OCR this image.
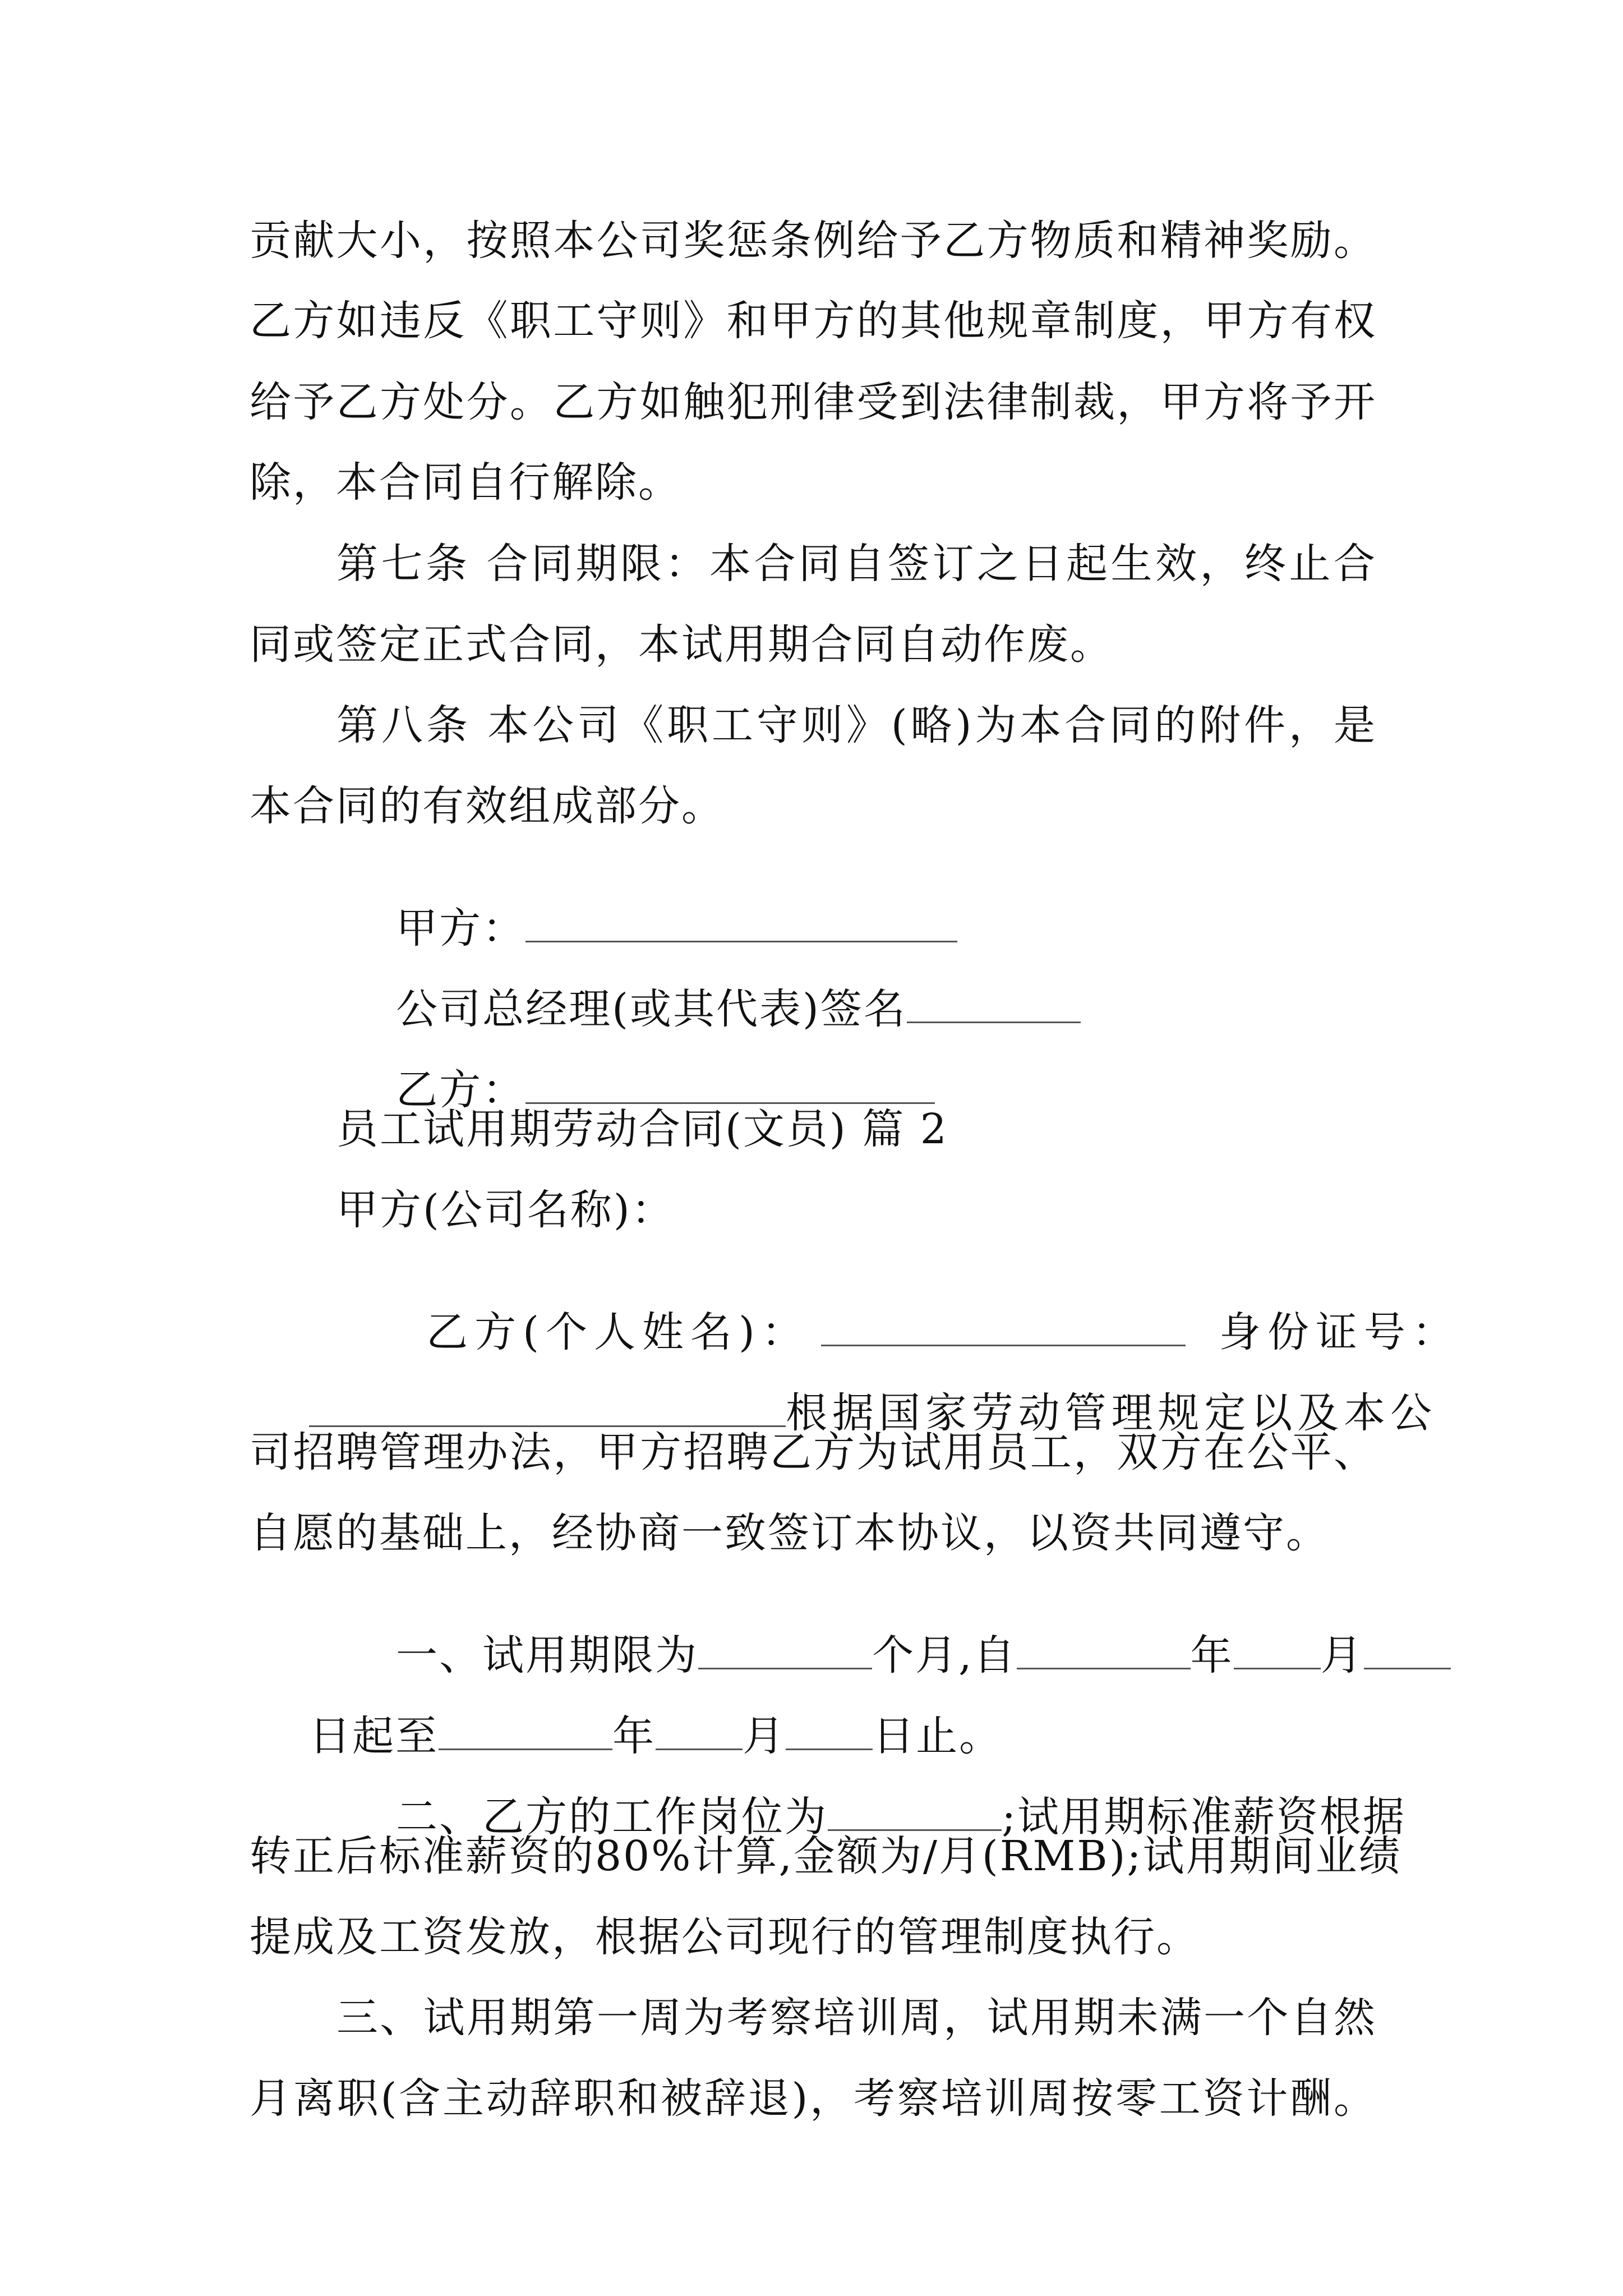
贡献大小，按照本公司奖惩条例给予乙方物质和精神奖励。
乙方如违反《职工守则》和甲方的其他规章制度，甲方有权
给予乙方处分。乙方如触犯刑律受到法律制裁，甲方将予开
除，本合同自行解除。
第七条 合同期限：本合同自签订之日起生效，终止合
同或签定正式合同，本试用期合同自动作废。
第八条 本公司《职工守则》(略)为本合同的附件，是
本合同的有效组成部分。

甲方：

公司总经理(或其代表)签名

乙方：

员工试用期劳动合同(文员) 篇 2
甲方(公司名称)：

乙方(个人姓名)：	身份证号：

根据国家劳动管理规定以及本公

司招聘管理办法，甲方招聘乙方为试用员工，双方在公平、
自愿的基础上，经协商一致签订本协议，以资共同遵守。

一、试用期限为	个月,自	年 月

日起至	年 月 日止。

二、乙方的工作岗位为	;试用期标准薪资根据

转正后标准薪资的80%计算,金额为/月(RMB);试用期间业绩
提成及工资发放，根据公司现行的管理制度执行。
三、试用期第一周为考察培训周，试用期未满一个自然
月离职(含主动辞职和被辞退)，考察培训周按零工资计酬。
